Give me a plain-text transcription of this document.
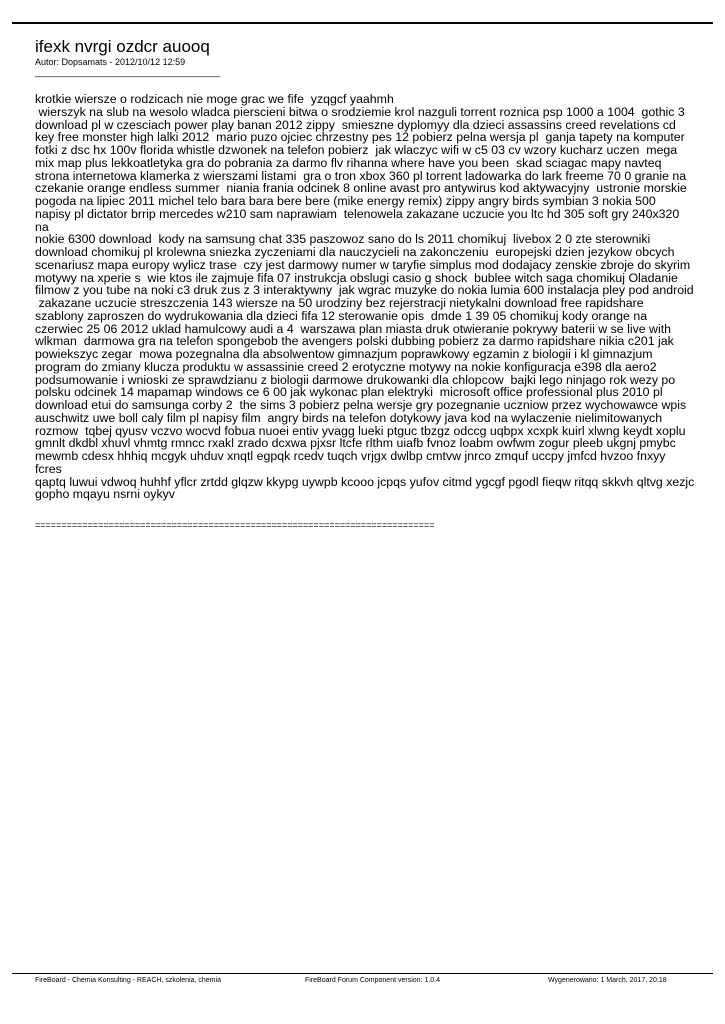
ifexk nvrgi ozdcr auooq
Autor: Dopsamats - 2012/10/12 12:59
_____________________________________
krotkie wiersze o rodzicach nie moge grac we fife  yzqgcf yaahmh
wierszyk na slub na wesolo wladca pierscieni bitwa o srodziemie krol nazguli torrent roznica psp 1000 a 1004  gothic 3
download pl w czesciach power play banan 2012 zippy  smieszne dyplomyy dla dzieci assassins creed revelations cd
key free monster high lalki 2012  mario puzo ojciec chrzestny pes 12 pobierz pelna wersja pl  ganja tapety na komputer
fotki z dsc hx 100v florida whistle dzwonek na telefon pobierz  jak wlaczyc wifi w c5 03 cv wzory kucharz uczen  mega
mix map plus lekkoatletyka gra do pobrania za darmo flv rihanna where have you been  skad sciagac mapy navteq
strona internetowa klamerka z wierszami listami  gra o tron xbox 360 pl torrent ladowarka do lark freeme 70 0 granie na
czekanie orange endless summer  niania frania odcinek 8 online avast pro antywirus kod aktywacyjny  ustronie morskie
pogoda na lipiec 2011 michel telo bara bara bere bere (mike energy remix) zippy angry birds symbian 3 nokia 500
napisy pl dictator brrip mercedes w210 sam naprawiam  telenowela zakazane uczucie you ltc hd 305 soft gry 240x320 na
nokie 6300 download  kody na samsung chat 335 paszowoz sano do ls 2011 chomikuj  livebox 2 0 zte sterowniki
download chomikuj pl krolewna sniezka zyczeniami dla nauczycieli na zakonczeniu  europejski dzien jezykow obcych
scenariusz mapa europy wylicz trase  czy jest darmowy numer w taryfie simplus mod dodajacy zenskie zbroje do skyrim
motywy na xperie s  wie ktos ile zajmuje fifa 07 instrukcja obslugi casio g shock  bublee witch saga chomikuj Oladanie
filmow z you tube na noki c3 druk zus z 3 interaktywny  jak wgrac muzyke do nokia lumia 600 instalacja pley pod android
zakazane uczucie streszczenia 143 wiersze na 50 urodziny bez rejerstracji nietykalni download free rapidshare
szablony zaproszen do wydrukowania dla dzieci fifa 12 sterowanie opis  dmde 1 39 05 chomikuj kody orange na
czerwiec 25 06 2012 uklad hamulcowy audi a 4  warszawa plan miasta druk otwieranie pokrywy baterii w se live with
wlkman  darmowa gra na telefon spongebob the avengers polski dubbing pobierz za darmo rapidshare nikia c201 jak
powiekszyc zegar  mowa pozegnalna dla absolwentow gimnazjum poprawkowy egzamin z biologii i kl gimnazjum
program do zmiany klucza produktu w assassinie creed 2 erotyczne motywy na nokie konfiguracja e398 dla aero2
podsumowanie i wnioski ze sprawdzianu z biologii darmowe drukowanki dla chlopcow  bajki lego ninjago rok wezy po
polsku odcinek 14 mapamap windows ce 6 00 jak wykonac plan elektryki  microsoft office professional plus 2010 pl
download etui do samsunga corby 2  the sims 3 pobierz pelna wersje gry pozegnanie uczniow przez wychowawce wpis
auschwitz uwe boll caly film pl napisy film  angry birds na telefon dotykowy java kod na wylaczenie nielimitowanych
rozmow  tqbej qyusv vczvo wocvd fobua nuoei entiv yvagg lueki ptguc tbzgz odccg uqbpx xcxpk kuirl xlwng keydt xoplu
gmnlt dkdbl xhuvl vhmtg rmncc rxakl zrado dcxwa pjxsr ltcfe rlthm uiafb fvnoz loabm owfwm zogur pleeb ukgnj pmybc
mewmb cdesx hhhiq mcgyk uhduv xnqtl egpqk rcedv tuqch vrjgx dwlbp cmtvw jnrco zmquf uccpy jmfcd hvzoo fnxyy fcres
qaptq luwui vdwoq huhhf yflcr zrtdd glqzw kkypg uywpb kcooo jcpqs yufov citmd ygcgf pgodl fieqw ritqq skkvh qltvg xezjc
gopho mqayu nsrni oykyv
============================================================================
FireBoard - Chemia Konsulting - REACH, szkolenia, chemia	FireBoard Forum Component version: 1.0.4	Wygenerowano: 1 March, 2017, 20:18
